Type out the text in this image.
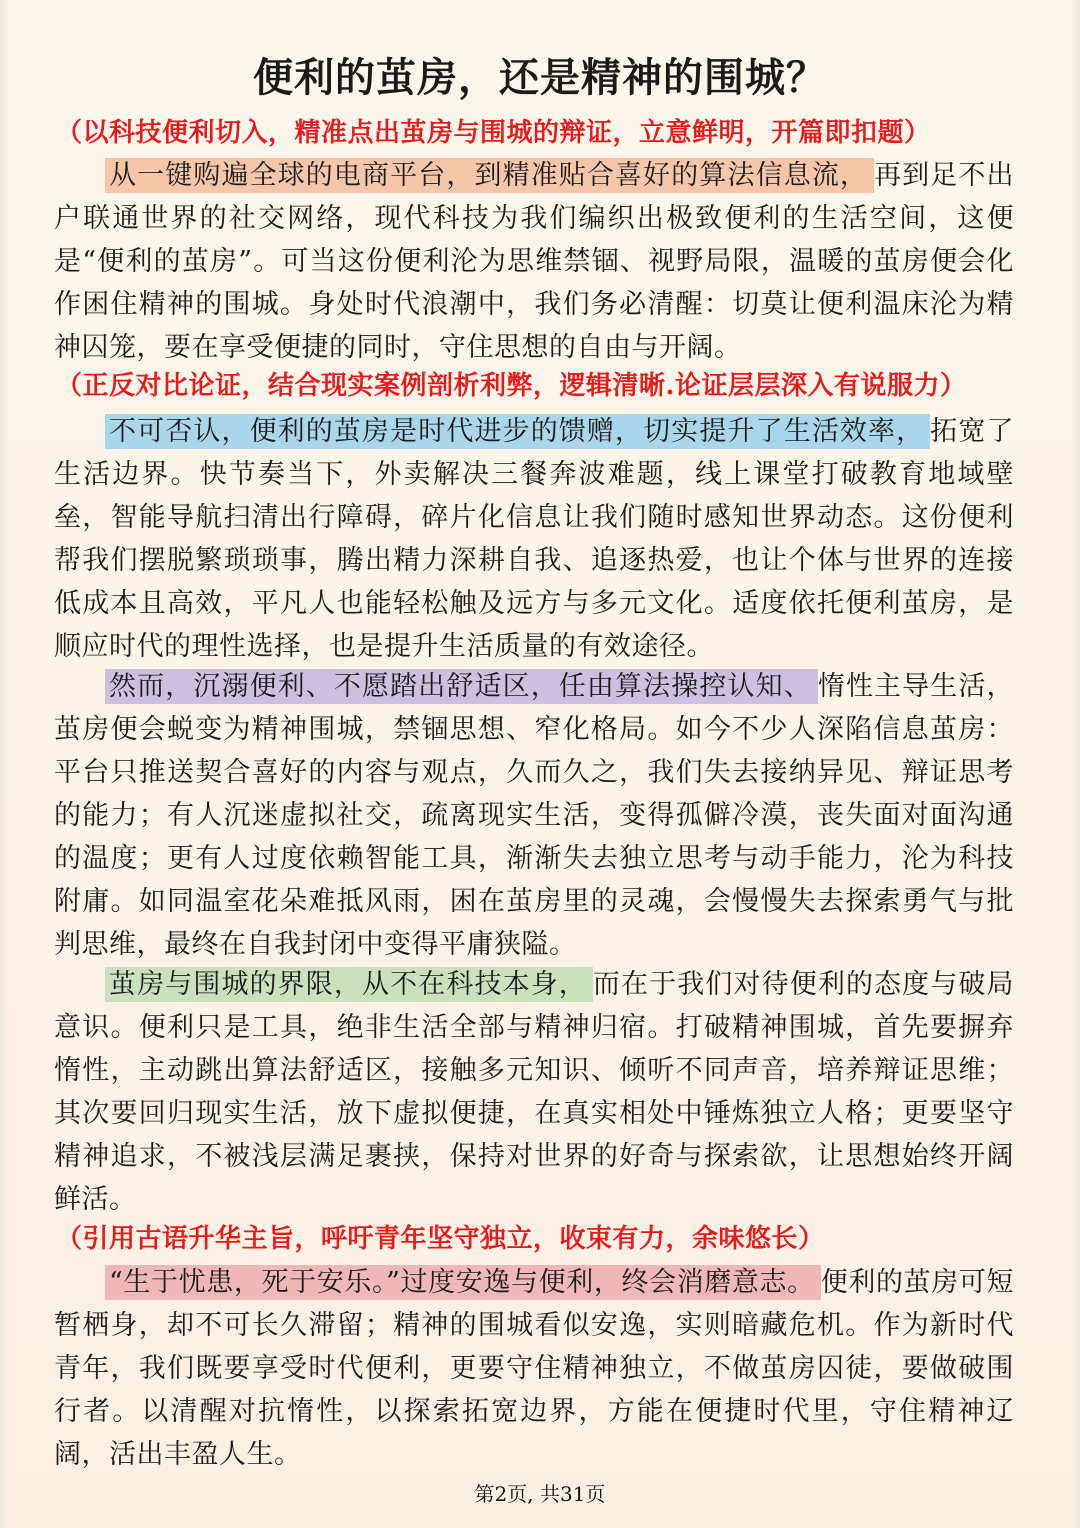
便利的茧房，还是精神的围城？
（以科技便利切入，精准点出茧房与围城的辩证，立意鲜明，开篇即扣题）
从一键购遍全球的电商平台，到精准贴合喜好的算法信息流， 再到足不出户联通世界的社交网络，现代科技为我们编织出极致便利的生活空间，这便是“便利的茧房”。可当这份便利沦为思维禁锢、视野局限，温暖的茧房便会化作困住精神的围城。身处时代浪潮中，我们务必清醒：切莫让便利温床沦为精神囚笼，要在享受便捷的同时，守住思想的自由与开阔。
（正反对比论证，结合现实案例剖析利弊，逻辑清晰.论证层层深入有说服力）
不可否认，便利的茧房是时代进步的馈赠，切实提升了生活效率， 拓宽了生活边界。快节奏当下，外卖解决三餐奔波难题，线上课堂打破教育地域壁垒，智能导航扫清出行障碍，碎片化信息让我们随时感知世界动态。这份便利帮我们摆脱繁琐琐事，腾出精力深耕自我、追逐热爱，也让个体与世界的连接低成本且高效，平凡人也能轻松触及远方与多元文化。适度依托便利茧房，是顺应时代的理性选择，也是提升生活质量的有效途径。
然而，沉溺便利、不愿踏出舒适区，任由算法操控认知、 惰性主导生活，茧房便会蜕变为精神围城，禁锢思想、窄化格局。如今不少人深陷信息茧房：平台只推送契合喜好的内容与观点，久而久之，我们失去接纳异见、辩证思考的能力；有人沉迷虚拟社交，疏离现实生活，变得孤僻冷漠，丧失面对面沟通的温度；更有人过度依赖智能工具，渐渐失去独立思考与动手能力，沦为科技附庸。如同温室花朵难抵风雨，困在茧房里的灵魂，会慢慢失去探索勇气与批判思维，最终在自我封闭中变得平庸狭隘。
茧房与围城的界限，从不在科技本身， 而在于我们对待便利的态度与破局意识。便利只是工具，绝非生活全部与精神归宿。打破精神围城，首先要摒弃惰性，主动跳出算法舒适区，接触多元知识、倾听不同声音，培养辩证思维；其次要回归现实生活，放下虚拟便捷，在真实相处中锤炼独立人格；更要坚守精神追求，不被浅层满足裹挟，保持对世界的好奇与探索欲，让思想始终开阔鲜活。
（引用古语升华主旨，呼吁青年坚守独立，收束有力，余味悠长）
“生于忧患，死于安乐。”过度安逸与便利，终会消磨意志。 便利的茧房可短暂栖身，却不可长久滞留；精神的围城看似安逸，实则暗藏危机。作为新时代青年，我们既要享受时代便利，更要守住精神独立，不做茧房囚徒，要做破围行者。以清醒对抗惰性，以探索拓宽边界，方能在便捷时代里，守住精神辽阔，活出丰盈人生。
第2页, 共31页
